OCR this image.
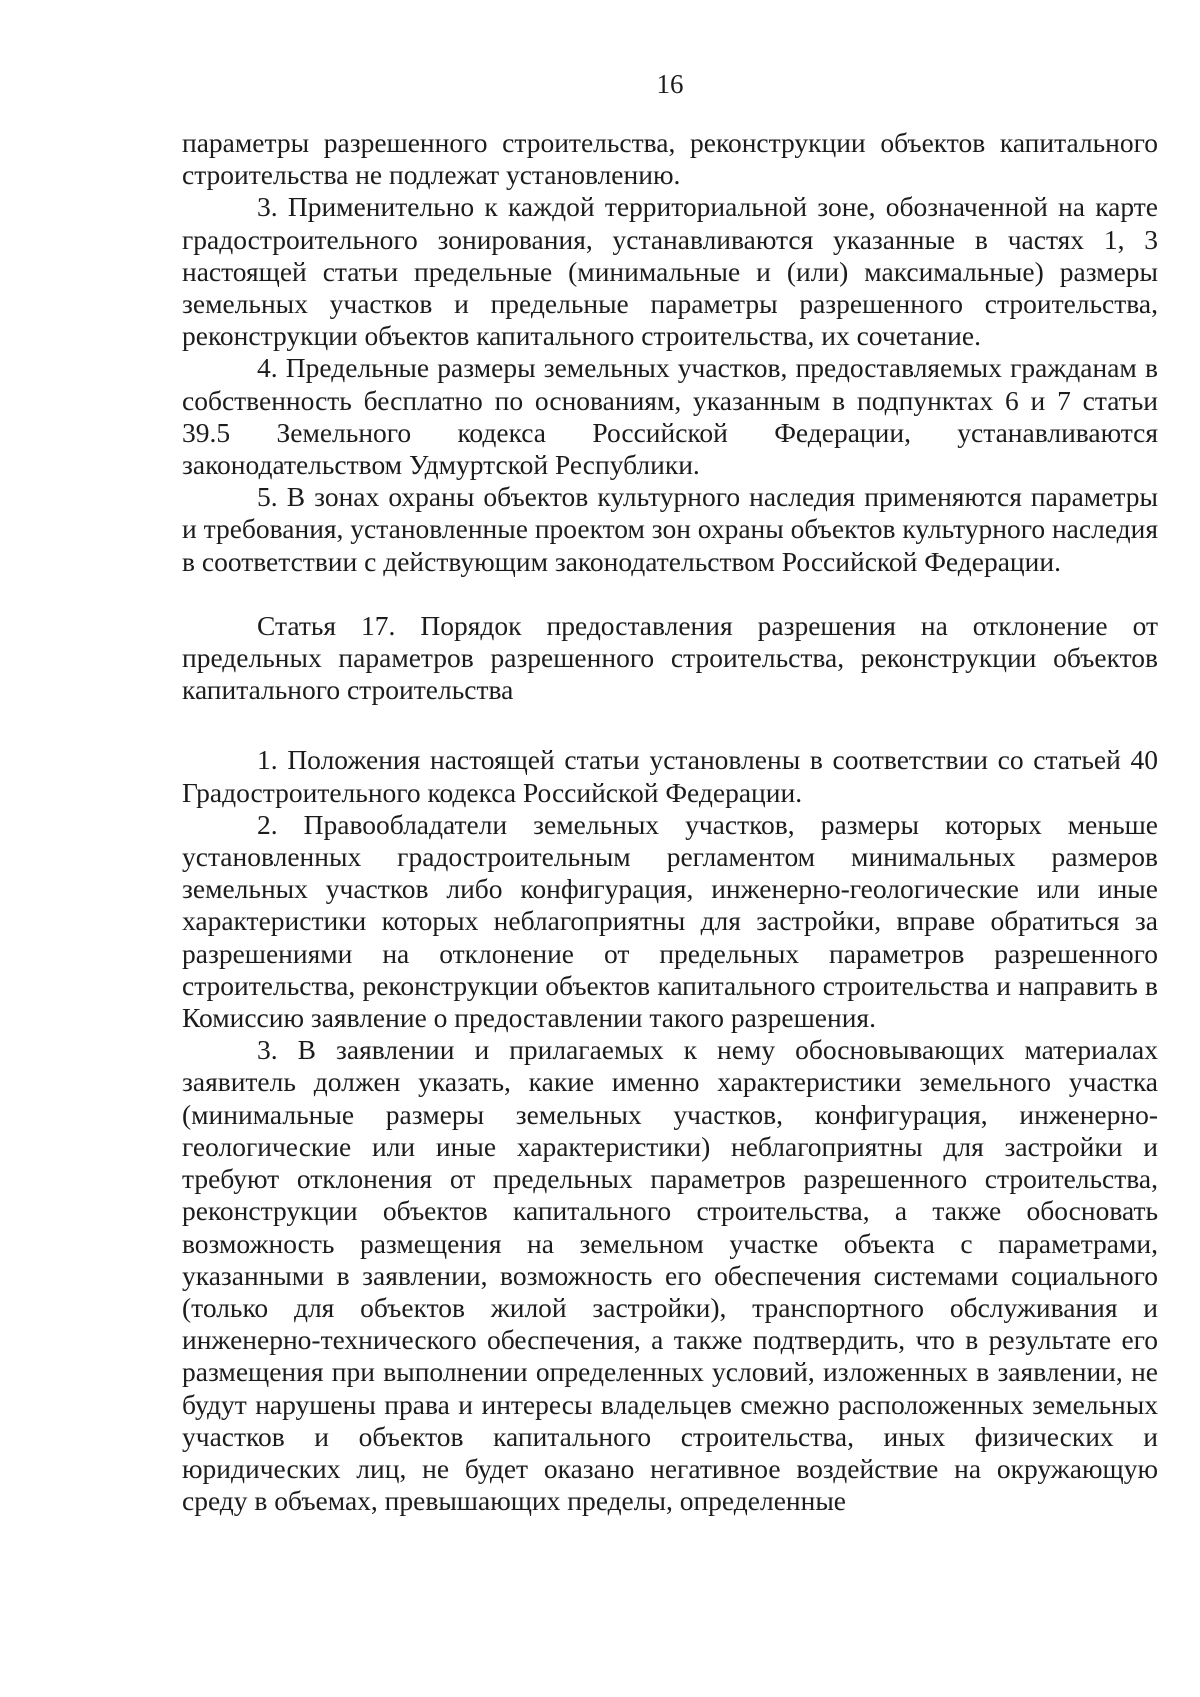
16

параметры разрешенного строительства, реконструкции объектов капитального строительства не подлежат установлению.

3. Применительно к каждой территориальной зоне, обозначенной на карте градостроительного зонирования, устанавливаются указанные в частях 1, 3 настоящей статьи предельные (минимальные и (или) максимальные) размеры земельных участков и предельные параметры разрешенного строительства, реконструкции объектов капитального строительства, их сочетание.

4. Предельные размеры земельных участков, предоставляемых гражданам в собственность бесплатно по основаниям, указанным в подпунктах 6 и 7 статьи 39.5 Земельного кодекса Российской Федерации, устанавливаются законодательством Удмуртской Республики.

5. В зонах охраны объектов культурного наследия применяются параметры и требования, установленные проектом зон охраны объектов культурного наследия в соответствии с действующим законодательством Российской Федерации.

Статья 17. Порядок предоставления разрешения на отклонение от предельных параметров разрешенного строительства, реконструкции объектов капитального строительства

1. Положения настоящей статьи установлены в соответствии со статьей 40 Градостроительного кодекса Российской Федерации.

2. Правообладатели земельных участков, размеры которых меньше установленных градостроительным регламентом минимальных размеров земельных участков либо конфигурация, инженерно-геологические или иные характеристики которых неблагоприятны для застройки, вправе обратиться за разрешениями на отклонение от предельных параметров разрешенного строительства, реконструкции объектов капитального строительства и направить в Комиссию заявление о предоставлении такого разрешения.

3. В заявлении и прилагаемых к нему обосновывающих материалах заявитель должен указать, какие именно характеристики земельного участка (минимальные размеры земельных участков, конфигурация, инженерно-геологические или иные характеристики) неблагоприятны для застройки и требуют отклонения от предельных параметров разрешенного строительства, реконструкции объектов капитального строительства, а также обосновать возможность размещения на земельном участке объекта с параметрами, указанными в заявлении, возможность его обеспечения системами социального (только для объектов жилой застройки), транспортного обслуживания и инженерно-технического обеспечения, а также подтвердить, что в результате его размещения при выполнении определенных условий, изложенных в заявлении, не будут нарушены права и интересы владельцев смежно расположенных земельных участков и объектов капитального строительства, иных физических и юридических лиц, не будет оказано негативное воздействие на окружающую среду в объемах, превышающих пределы, определенные
